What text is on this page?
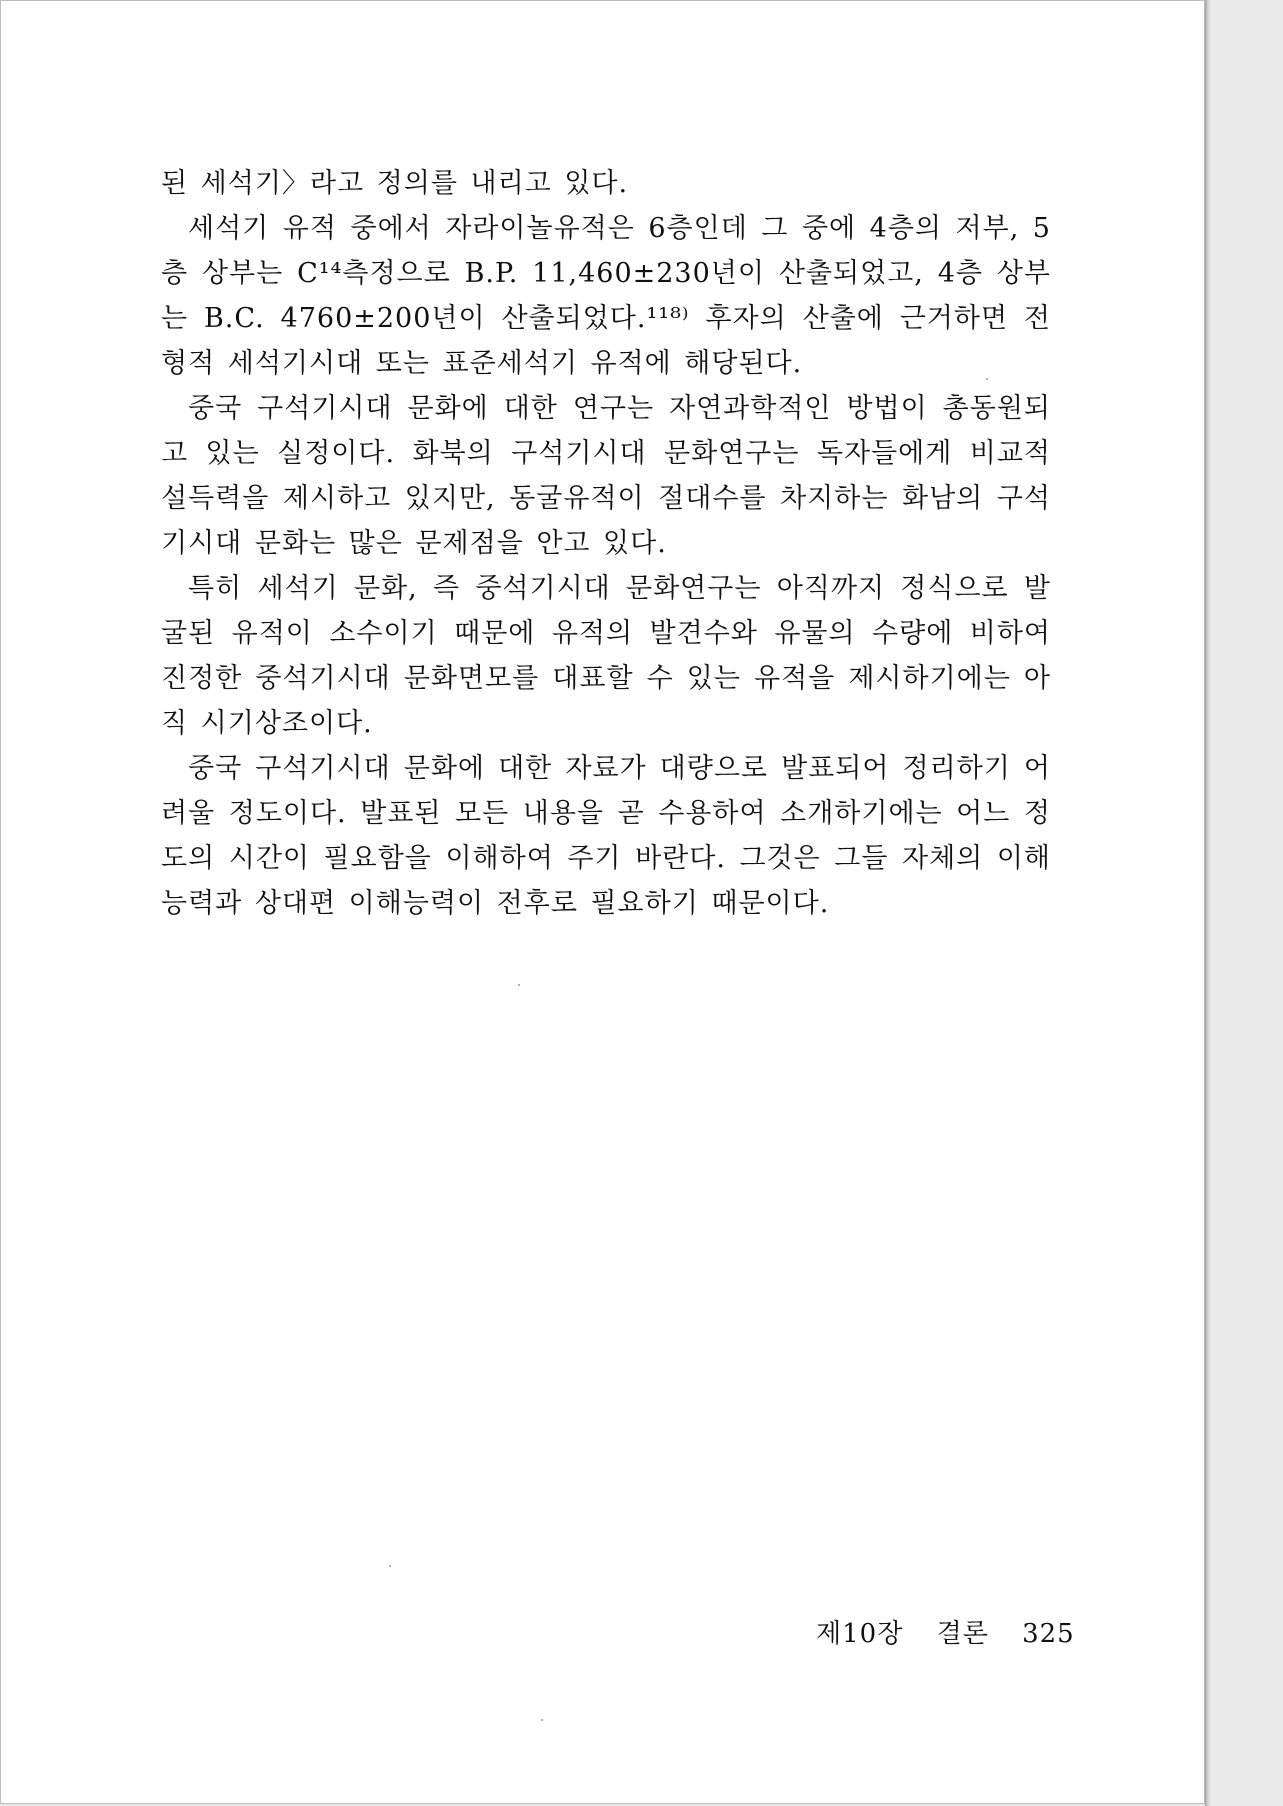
된 세석기〉라고 정의를 내리고 있다.

세석기 유적 중에서 자라이놀유적은 6층인데 그 중에 4층의 저부, 5층 상부는 C¹⁴측정으로 B.P. 11,460±230년이 산출되었고, 4층 상부는 B.C. 4760±200년이 산출되었다.¹¹⁸⁾ 후자의 산출에 근거하면 전형적 세석기시대 또는 표준세석기 유적에 해당된다.

중국 구석기시대 문화에 대한 연구는 자연과학적인 방법이 총동원되고 있는 실정이다. 화북의 구석기시대 문화연구는 독자들에게 비교적 설득력을 제시하고 있지만, 동굴유적이 절대수를 차지하는 화남의 구석기시대 문화는 많은 문제점을 안고 있다.

특히 세석기 문화, 즉 중석기시대 문화연구는 아직까지 정식으로 발굴된 유적이 소수이기 때문에 유적의 발견수와 유물의 수량에 비하여 진정한 중석기시대 문화면모를 대표할 수 있는 유적을 제시하기에는 아직 시기상조이다.

중국 구석기시대 문화에 대한 자료가 대량으로 발표되어 정리하기 어려울 정도이다. 발표된 모든 내용을 곧 수용하여 소개하기에는 어느 정도의 시간이 필요함을 이해하여 주기 바란다. 그것은 그들 자체의 이해능력과 상대편 이해능력이 전후로 필요하기 때문이다.

제10장 결론 325
